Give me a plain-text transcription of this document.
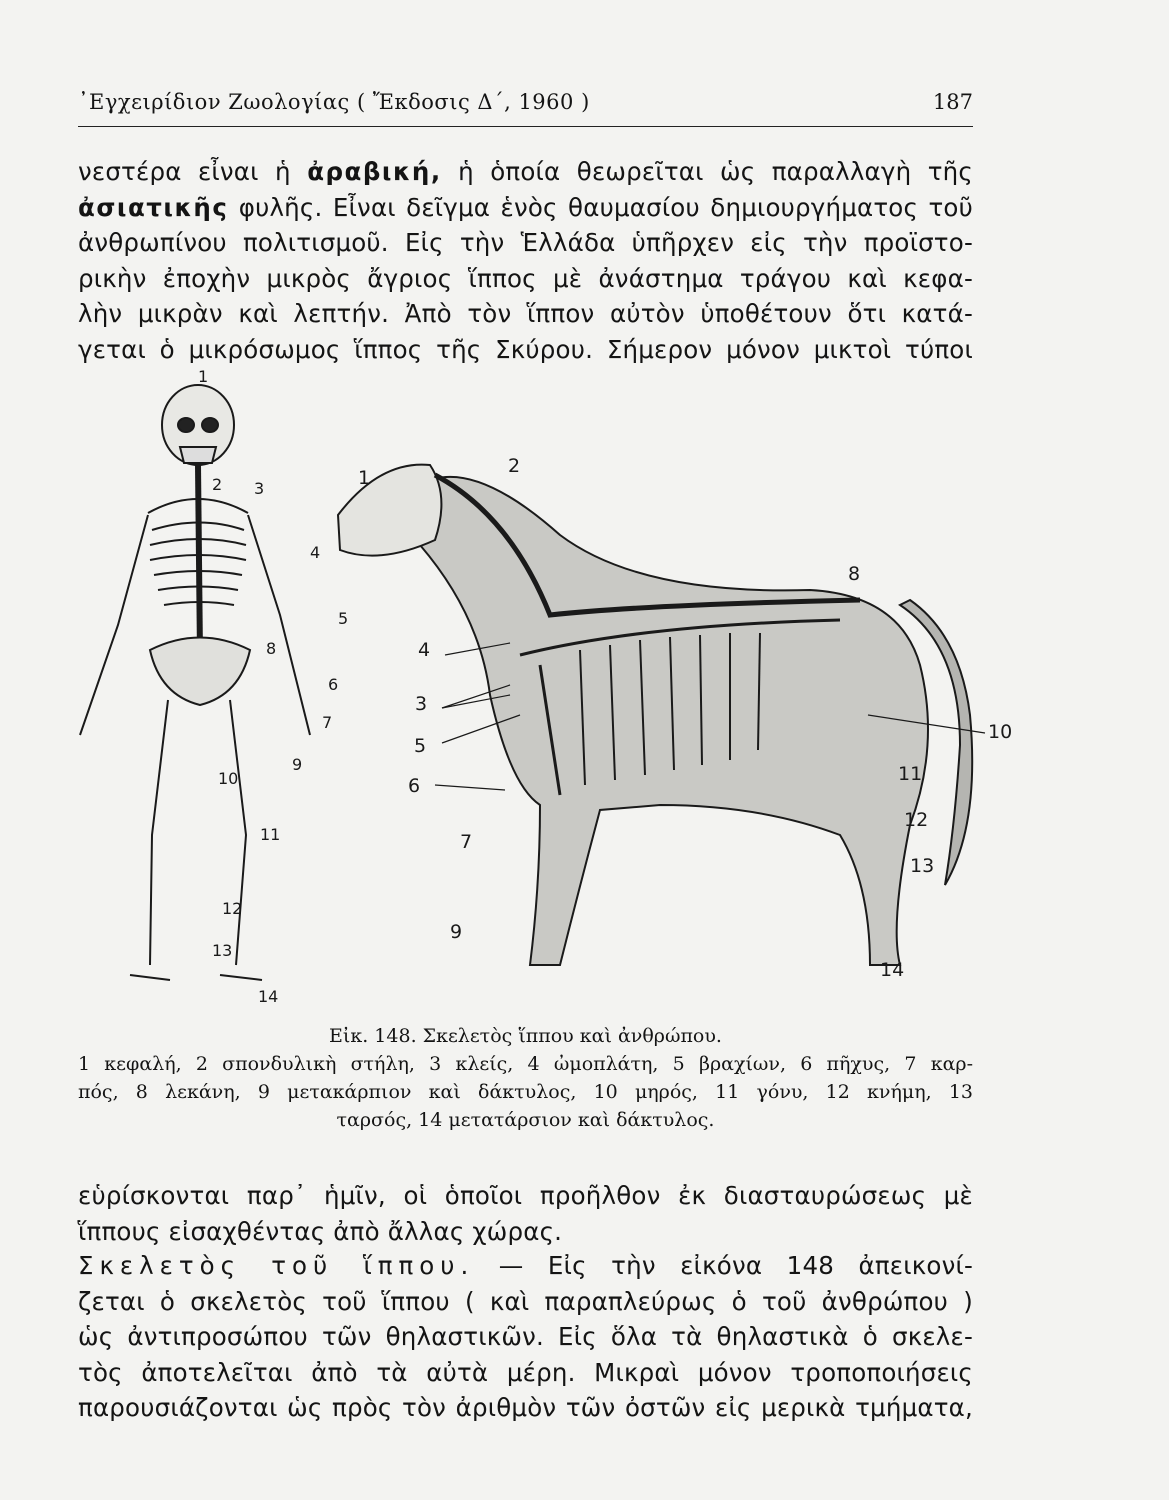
᾿Εγχειρίδιον Ζωολογίας ( Ἔκδοσις Δ΄, 1960 )	187
νεστέρα εἶναι ἡ ἀραβική, ἡ ὁποία θεωρεῖται ὡς παραλλαγὴ τῆς
ἀσιατικῆς φυλῆς. Εἶναι δεῖγμα ἑνὸς θαυμασίου δημιουργήματος τοῦ
ἀνθρωπίνου πολιτισμοῦ. Εἰς τὴν Ἑλλάδα ὑπῆρχεν εἰς τὴν προϊστο-
ρικὴν ἐποχὴν μικρὸς ἄγριος ἵππος μὲ ἀνάστημα τράγου καὶ κεφα-
λὴν μικρὰν καὶ λεπτήν. Ἀπὸ τὸν ἵππον αὐτὸν ὑποθέτουν ὅτι κατά-
γεται ὁ μικρόσωμος ἵππος τῆς Σκύρου. Σήμερον μόνον μικτοὶ τύποι
1
2 3
4
5
6
7
8
9
10
11
12
13
14
1
2
3
4
5
6
7
8
9
10
11
12
13
14
Εἰκ. 148. Σκελετὸς ἵππου καὶ ἀνθρώπου.
1 κεφαλή, 2 σπονδυλικὴ στήλη, 3 κλείς, 4 ὠμοπλάτη, 5 βραχίων, 6 πῆχυς, 7 καρ-
πός, 8 λεκάνη, 9 μετακάρπιον καὶ δάκτυλος, 10 μηρός, 11 γόνυ, 12 κνήμη, 13
ταρσός, 14 μετατάρσιον καὶ δάκτυλος.
εὑρίσκονται παρ᾽ ἡμῖν, οἱ ὁποῖοι προῆλθον ἐκ διασταυρώσεως μὲ
ἵππους εἰσαχθέντας ἀπὸ ἄλλας χώρας.
Σκελετὸς τοῦ ἵππου. — Εἰς τὴν εἰκόνα 148 ἀπεικονί-
ζεται ὁ σκελετὸς τοῦ ἵππου ( καὶ παραπλεύρως ὁ τοῦ ἀνθρώπου )
ὡς ἀντιπροσώπου τῶν θηλαστικῶν. Εἰς ὅλα τὰ θηλαστικὰ ὁ σκελε-
τὸς ἀποτελεῖται ἀπὸ τὰ αὐτὰ μέρη. Μικραὶ μόνον τροποποιήσεις
παρουσιάζονται ὡς πρὸς τὸν ἀριθμὸν τῶν ὀστῶν εἰς μερικὰ τμήματα,
